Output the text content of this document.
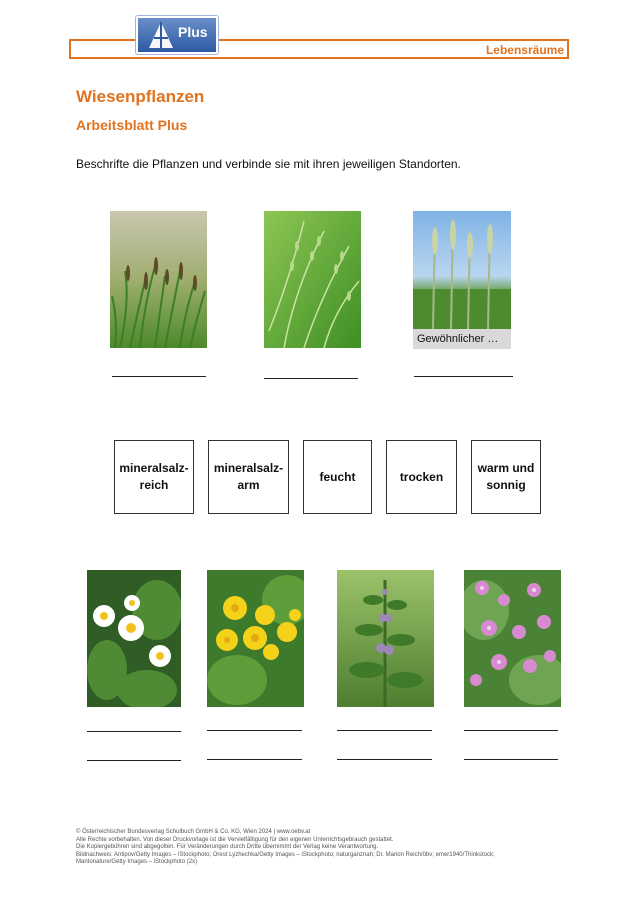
Lebensräume
Plus
Wiesenpflanzen
Arbeitsblatt Plus
Beschrifte die Pflanzen und verbinde sie mit ihren jeweiligen Standorten.
Gewöhnlicher …
mineralsalz-
reich
mineralsalz-
arm
feucht	trocken
warm und
sonnig
© Österreichischer Bundesverlag Schulbuch GmbH & Co. KG, Wien 2024 | www.oebv.at
Alle Rechte vorbehalten. Von dieser Druckvorlage ist die Vervielfältigung für den eigenen Unterrichtsgebrauch gestattet.
Die Kopiergebühren sind abgegolten. Für Veränderungen durch Dritte übernimmt der Verlag keine Verantwortung.
Bildnachweis: Antipov/Getty Images – iStockphoto; Orest Lyzhechka/Getty Images – iStockphoto; naturganznah; Dr. Marion Reich/öbv; emer1940/Thinkstock;
Mantonature/Getty Images – iStockphoto (2x)
